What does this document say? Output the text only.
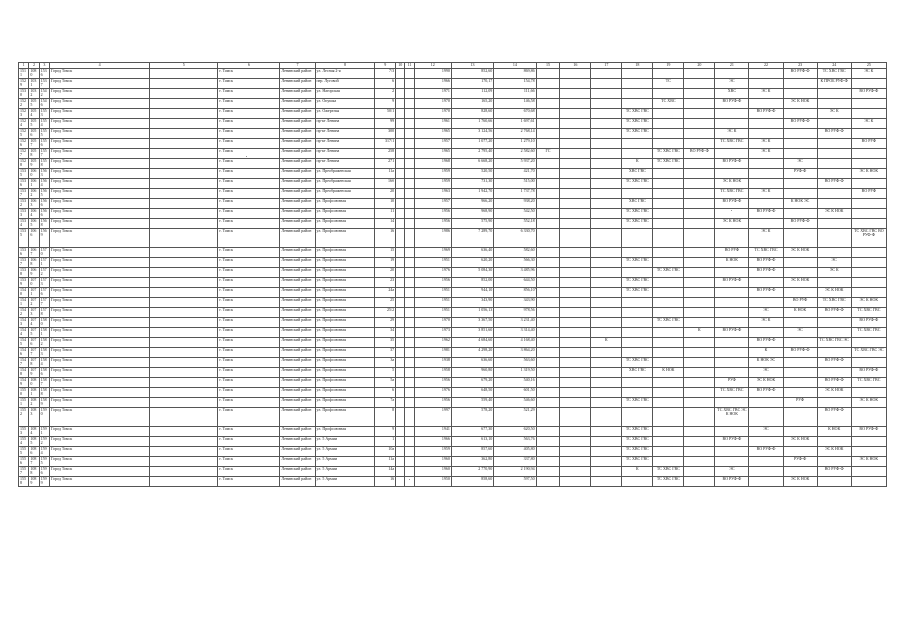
1	2	3	4	5	6	7	8	9	10	11	12	13	14	15	16	17	18	19	20	21	22	23	24	25
1511	1080	1536	Город Томск		г. Томск	Ленинский район	ул. Лесная 2-я	7/3			1990	852,60	869,86									ВО РУФ-Ф	ТС ХВС ГВС	ЭС К
1529	1031	1537	Город Томск		г. Томск	Ленинский район	пер. Луговой	6			1966	170,17	154,78					ТС		ЭС			К ПРОБ РУФ-Ф	
1530	1032	1542	Город Томск		г. Томск	Ленинский район	ул. Нагорская	2			1971	112,09	111,66							ХВС	ЭС К			ВО РУФ-Ф
1522	1055	1546	Город Томск		г. Томск	Ленинский район	ул. Опушка	9			1970	165,20	146,58					ТС ХВС		ВО РУФ-Ф		ЭС К НОК		
1523	1054	1553	Город Томск		г. Томск	Ленинский район	ул. Ожерелья	50/1			1970	828,60	670,68				ТС ХВС ГВС				ВО РУФ-Ф		ЭС К	
1524	1055	1554	Город Томск		г. Томск	Ленинский район	пр-кт Ленина	99			1961	1 760,66	1 697,61				ТС ХВС ГВС					ВО РУФ-Ф		ЭС К
1525	1056	1555	Город Томск		г. Томск	Ленинский район	пр-кт Ленина	300			1965	3 124,56	2 768,14				ТС ХВС ГВС			ЭС К			ВО РУФ-Ф	
1526	1057	1556	Город Томск		г. Томск	Ленинский район	пр-кт Ленина	317/1			1957	1 077,20	1 279,10							ТС ХВС ГВС	ЭС К			ВО РУФ
1527	1058	1557	Город Томск		г. Томск	Ленинский район	пр-кт Ленина	258			1965	2 795,40	2 582,60	ГС				ТС ХВС ГВС	ВО РУФ-Ф		ЭС К			
1528	1059	1558	Город Томск		г. Томск	Ленинский район	пр-кт Ленина	271			1968	6 668,20	5 937,20				К	ТС ХВС ГВС		ВО РУФ-Ф		ЭС		
1535	1060	1563	Город Томск		г. Томск	Ленинский район	ул. Преображенская	11а			1959	520,50	421,70				ХВС ГВС					РУФ-Ф		ЭС К НОК
1536	1061	1564	Город Томск		г. Томск	Ленинский район	ул. Преображенская	16б			1959	731,30	515,00				ТС ХВС ГВС			ЭС К НОК			ВО РУФ-Ф	
1537	1062	1565	Город Томск		г. Томск	Ленинский район	ул. Преображенская	20			1963	1 942,70	1 737,78							ТС ХВС ГВС	ЭС К			ВО РУФ
1532	1063	1566	Город Томск		г. Томск	Ленинский район	ул. Профсоюзная	10			1957	966,20	938,20				ХВС ГВС			ВО РУФ-Ф		К НОК ЭС		
1533	1064	1566	Город Томск		г. Томск	Ленинский район	ул. Профсоюзная	11			1956	968,90	542,50				ТС ХВС ГВС				ВО РУФ-Ф		ЭС К НОК	
1534	1065	1568	Город Томск		г. Томск	Ленинский район	ул. Профсоюзная	14			1956	575,90	552,18				ТС ХВС ГВС			ЭС К НОК		ВО РУФ-Ф		
1535	1066	1569	Город Томск		г. Томск	Ленинский район	ул. Профсоюзная	16			1986	7 289,70	6 330,70								ЭС К			ТС ХВС ГВС ВО РУФ-Ф
1536	1067	1570	Город Томск		г. Томск	Ленинский район	ул. Профсоюзная	15			1969	636,40	582,60							ВО РУФ	ТС ХВС ГВС	ЭС К НОК		
1537	1068	1571	Город Томск		г. Томск	Ленинский район	ул. Профсоюзная	19			1951	620,20	566,30				ТС ХВС ГВС			К НОК	ВО РУФ-Ф		ЭС	
1538	1069	1572	Город Томск		г. Томск	Ленинский район	ул. Профсоюзная	20			1976	5 084,30	3 485,96					ТС ХВС ГВС			ВО РУФ-Ф		ЭС К	
1539	1070	1573	Город Томск		г. Томск	Ленинский район	ул. Профсоюзная	23			1956	852,00	644,50				ТС ХВС ГВС			ВО РУФ-Ф		ЭС К НОК		
1540	1071	1576	Город Томск		г. Томск	Ленинский район	ул. Профсоюзная	24а			1951	944,10	856,10				ТС ХВС ГВС				ВО РУФ-Ф		ЭС К НОК	
1541	1072	1577	Город Томск		г. Томск	Ленинский район	ул. Профсоюзная	25			1951	343,90	343,90									ВО РУФ	ТС ХВС ГВС	ЭС К НОК
1542	1073	1578	Город Томск		г. Томск	Ленинский район	ул. Профсоюзная	25/2			1951	1 056,13	978,56								ЭС	К НОК	ВО РУФ-Ф	ТС ХВС ГВС
1543	1074	1580	Город Томск		г. Томск	Ленинский район	ул. Профсоюзная	29			1970	3 367,50	3 231,40					ТС ХВС ГВС			ЭС К			ВО РУФ-Ф
1544	1075	1581	Город Томск		г. Томск	Ленинский район	ул. Профсоюзная	34			1973	3 851,60	3 314,40						К	ВО РУФ-Ф		ЭС		ТС ХВС ГВС
1545	1076	1582	Город Томск		г. Томск	Ленинский район	ул. Профсоюзная	35			1962	4 684,60	4 168,40			К					ВО РУФ-Ф		ТС ХВС ГВС ЭС	
1546	1077	1583	Город Томск		г. Томск	Ленинский район	ул. Профсоюзная	37			1981	4 298,20	3 864,20								К	ВО РУФ-Ф		ТС ХВС ГВС ЭС
1547	1078	1584	Город Томск		г. Томск	Ленинский район	ул. Профсоюзная	3а			1938	636,60	563,60				ТС ХВС ГВС				К НОК ЭС		ВО РУФ-Ф	
1548	1079	1586	Город Томск		г. Томск	Ленинский район	ул. Профсоюзная	5			1958	960,80	1 319,50				ХВС ГВС	К НОК			ЭС			ВО РУФ-Ф
1549	1080	1587	Город Томск		г. Томск	Ленинский район	ул. Профсоюзная	5а			1956	679,20	540,16							РУФ	ЭС К НОК		ВО РУФ-Ф	ТС ХВС ГВС
1550	1081	1588	Город Томск		г. Томск	Ленинский район	ул. Профсоюзная	6			1976	648,50	601,50							ТС ХВС ГВС	ВО РУФ-Ф		ЭС К НОК	
1551	1082	1589	Город Томск		г. Томск	Ленинский район	ул. Профсоюзная	7а			1956	559,40	546,60				ТС ХВС ГВС					РУФ		ЭС К НОК
1552	1083	1590	Город Томск		г. Томск	Ленинский район	ул. Профсоюзная	8			1997	578,20	521,29							ТС ХВС ГВС ЭС К НОК			ВО РУФ-Ф	
1553	1084	1591	Город Томск		г. Томск	Ленинский район	ул. Профсоюзная	9			1941	677,30	620,50				ТС ХВС ГВС				ЭС		К НОК	ВО РУФ-Ф
1554	1085	1592	Город Томск		г. Томск	Ленинский район	ул. 5 Армии	1			1966	613,10	563,76				ТС ХВС ГВС			ВО РУФ-Ф		ЭС К НОК		
1555	1086	1594	Город Томск		г. Томск	Ленинский район	ул. 5 Армии	10а			1959	857,60	405,80				ТС ХВС ГВС				ВО РУФ-Ф		ЭС К НОК	
1556	1087	1595	Город Томск		г. Томск	Ленинский район	ул. 5 Армии	11а			1960	362,80	337,80				ТС ХВС ГВС					РУФ-Ф		ЭС К НОК
1557	1088	1596	Город Томск		г. Томск	Ленинский район	ул. 5 Армии	14а			1960	2 770,90	2 190,94				К	ТС ХВС ГВС		ЭС			ВО РУФ-Ф	
1558	1089	1599	Город Томск		г. Томск	Ленинский район	ул. 5 Армии	16			1950	858,60	597,50					ТС ХВС ГВС		ВО РУФ-Ф		ЭС К НОК		
